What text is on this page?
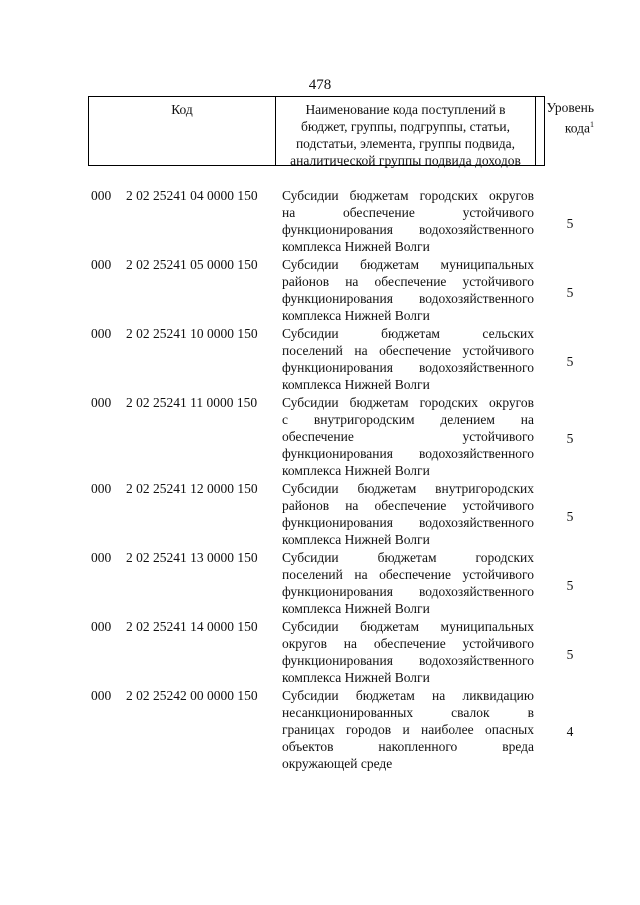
478
Код	Наименование кода поступлений в
бюджет, группы, подгруппы, статьи,
подстатьи, элемента, группы подвида,
аналитической группы подвида доходов
Уровень
кода$^1$
000	2 02 25241 04 0000 150	Субсидии бюджетам городских округов
на обеспечение устойчивого
функционирования водохозяйственного
комплекса Нижней Волги
5
000	2 02 25241 05 0000 150	Субсидии бюджетам муниципальных
районов на обеспечение устойчивого
функционирования водохозяйственного
комплекса Нижней Волги
5
000	2 02 25241 10 0000 150	Субсидии бюджетам сельских
поселений на обеспечение устойчивого
функционирования водохозяйственного
комплекса Нижней Волги
5
000	2 02 25241 11 0000 150	Субсидии бюджетам городских округов
с внутригородским делением на
обеспечение устойчивого
функционирования водохозяйственного
комплекса Нижней Волги
5
000	2 02 25241 12 0000 150	Субсидии бюджетам внутригородских
районов на обеспечение устойчивого
функционирования водохозяйственного
комплекса Нижней Волги
5
000	2 02 25241 13 0000 150	Субсидии бюджетам городских
поселений на обеспечение устойчивого
функционирования водохозяйственного
комплекса Нижней Волги
5
000	2 02 25241 14 0000 150	Субсидии бюджетам муниципальных
округов на обеспечение устойчивого
функционирования водохозяйственного
комплекса Нижней Волги
5
000	2 02 25242 00 0000 150	Субсидии бюджетам на ликвидацию
несанкционированных свалок в
границах городов и наиболее опасных
объектов накопленного вреда
окружающей среде
4
